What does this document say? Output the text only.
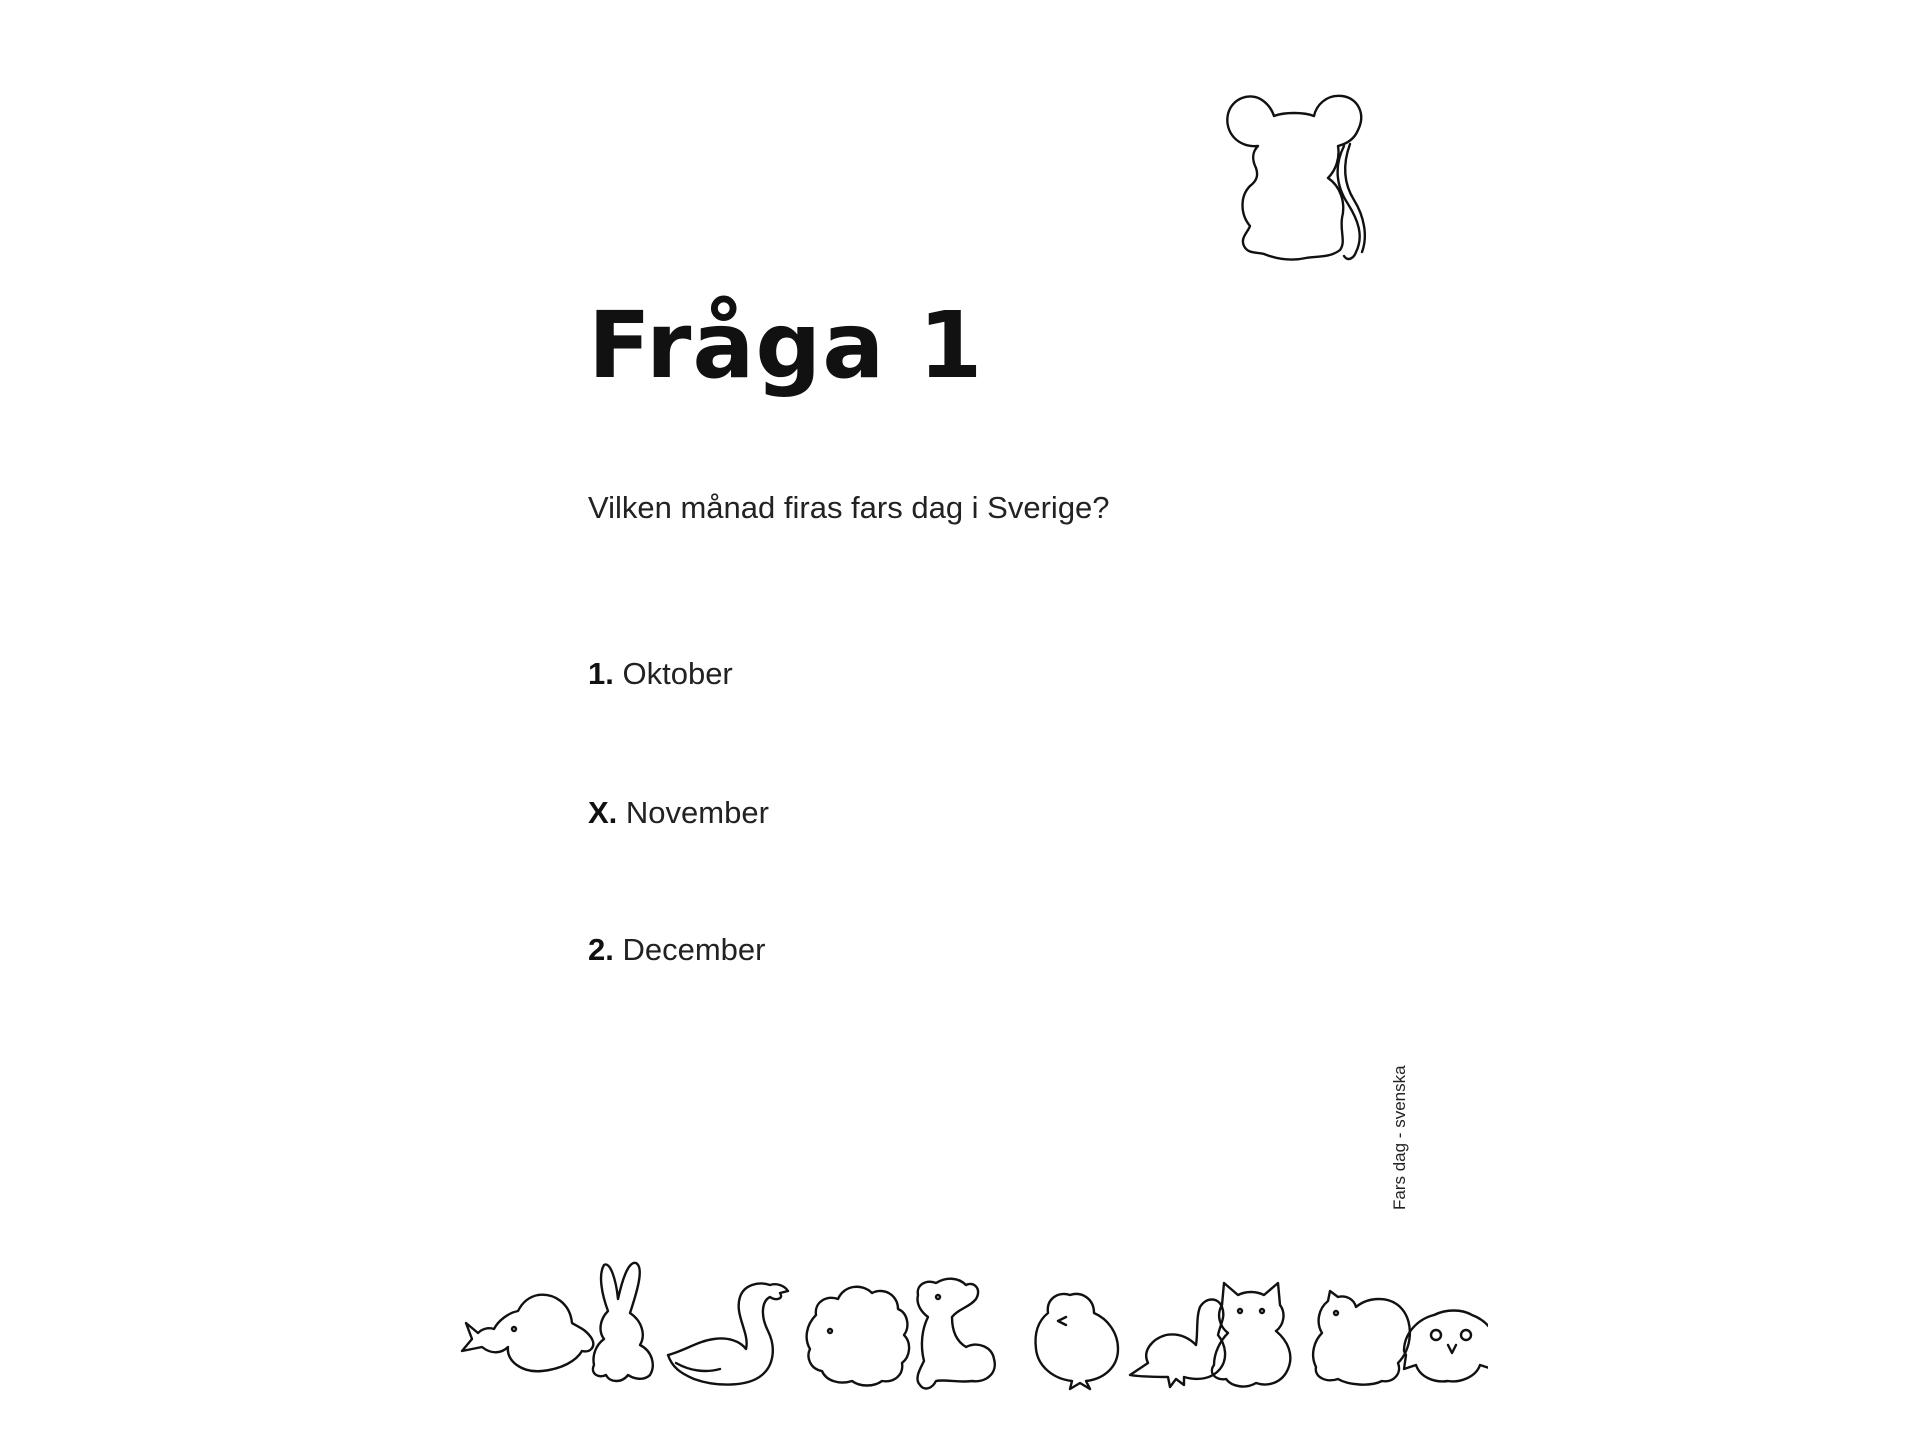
Fråga 1
Vilken månad firas fars dag i Sverige?
1. Oktober
X. November
2. December
Fars dag - svenska
